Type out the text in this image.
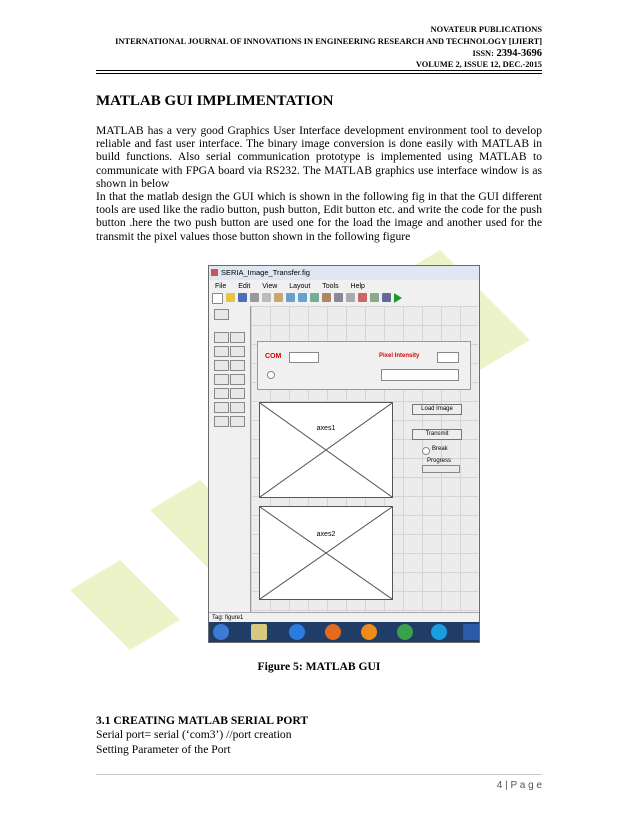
NOVATEUR PUBLICATIONS
INTERNATIONAL JOURNAL OF INNOVATIONS IN ENGINEERING RESEARCH AND TECHNOLOGY [IJIERT]
ISSN: 2394-3696
VOLUME 2, ISSUE 12, DEC.-2015
MATLAB GUI IMPLIMENTATION
MATLAB has a very good Graphics User Interface development environment tool to develop reliable and fast user interface. The binary image conversion is done easily with MATLAB in build functions. Also serial communication prototype is implemented using MATLAB to communicate with FPGA board via RS232. The MATLAB graphics use interface window is as shown in below
In that the matlab design the GUI which is shown in the following fig in that the GUI different tools are used like the radio button, push button, Edit button etc. and write the code for the push button .here the two push button are used one for the load the image and another used for the transmit the pixel values those button shown in the following figure
SERIA_Image_Transfer.fig
File Edit View Layout Tools Help
COM	Pixel Intensity
axes1
axes2
Load Image
Transmit
Break
Progress
Tag: figure1
Figure 5: MATLAB GUI
3.1 CREATING MATLAB SERIAL PORT
Serial port= serial (‘com3’) //port creation
Setting Parameter of the Port
4 | P a g e
